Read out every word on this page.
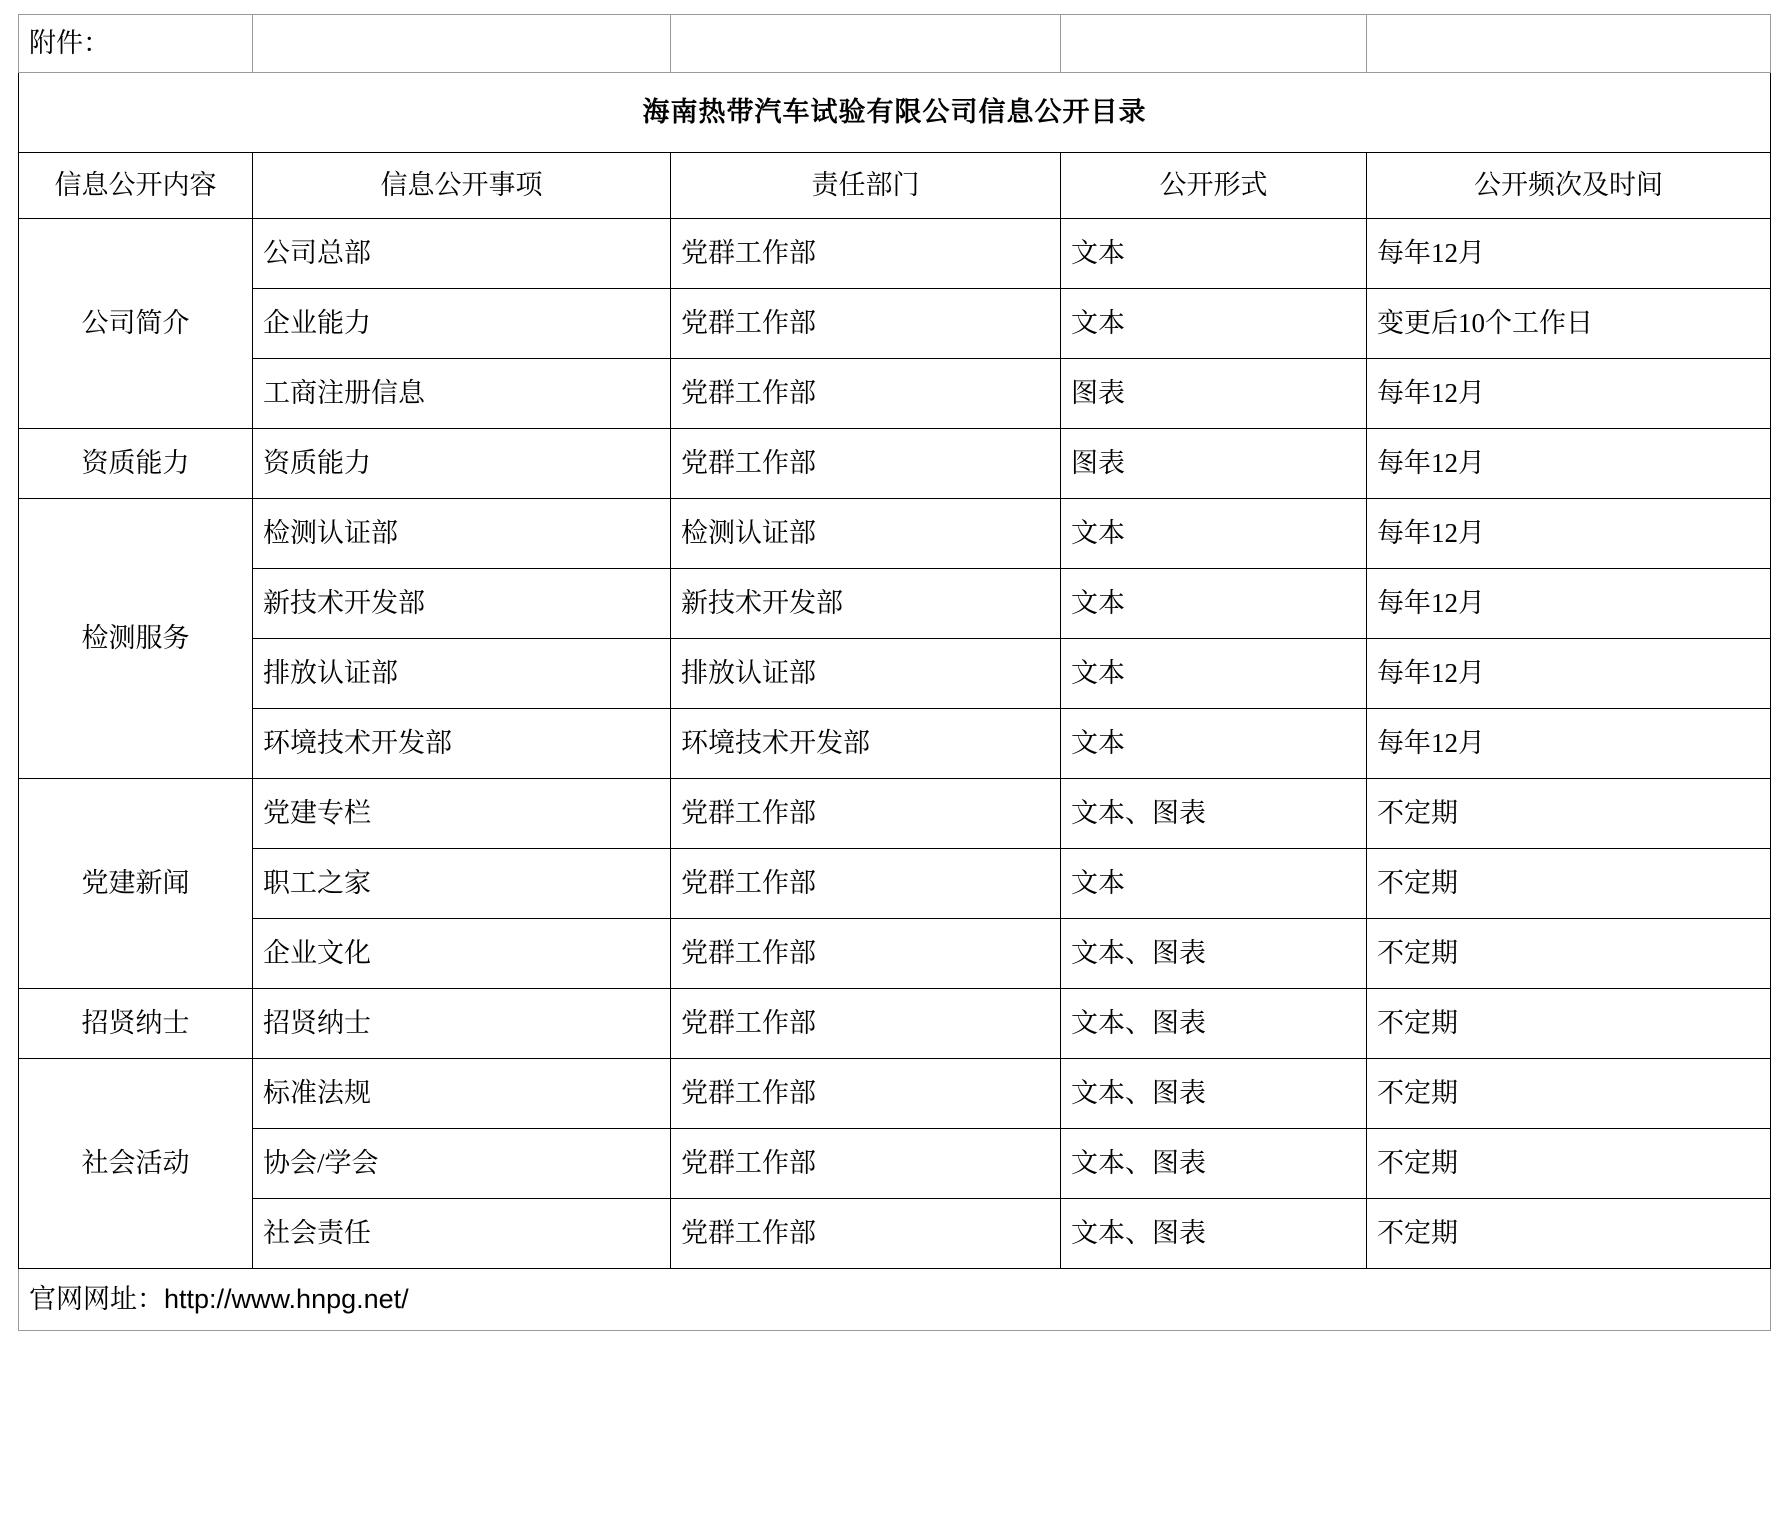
附件：				
海南热带汽车试验有限公司信息公开目录				
信息公开内容	信息公开事项	责任部门	公开形式	公开频次及时间
公司简介	公司总部	党群工作部	文本	每年12月
	企业能力	党群工作部	文本	变更后10个工作日
	工商注册信息	党群工作部	图表	每年12月
资质能力	资质能力	党群工作部	图表	每年12月
检测服务	检测认证部	检测认证部	文本	每年12月
	新技术开发部	新技术开发部	文本	每年12月
	排放认证部	排放认证部	文本	每年12月
	环境技术开发部	环境技术开发部	文本	每年12月
党建新闻	党建专栏	党群工作部	文本、图表	不定期
	职工之家	党群工作部	文本	不定期
	企业文化	党群工作部	文本、图表	不定期
招贤纳士	招贤纳士	党群工作部	文本、图表	不定期
社会活动	标准法规	党群工作部	文本、图表	不定期
	协会/学会	党群工作部	文本、图表	不定期
	社会责任	党群工作部	文本、图表	不定期
官网网址：http://www.hnpg.net/				
